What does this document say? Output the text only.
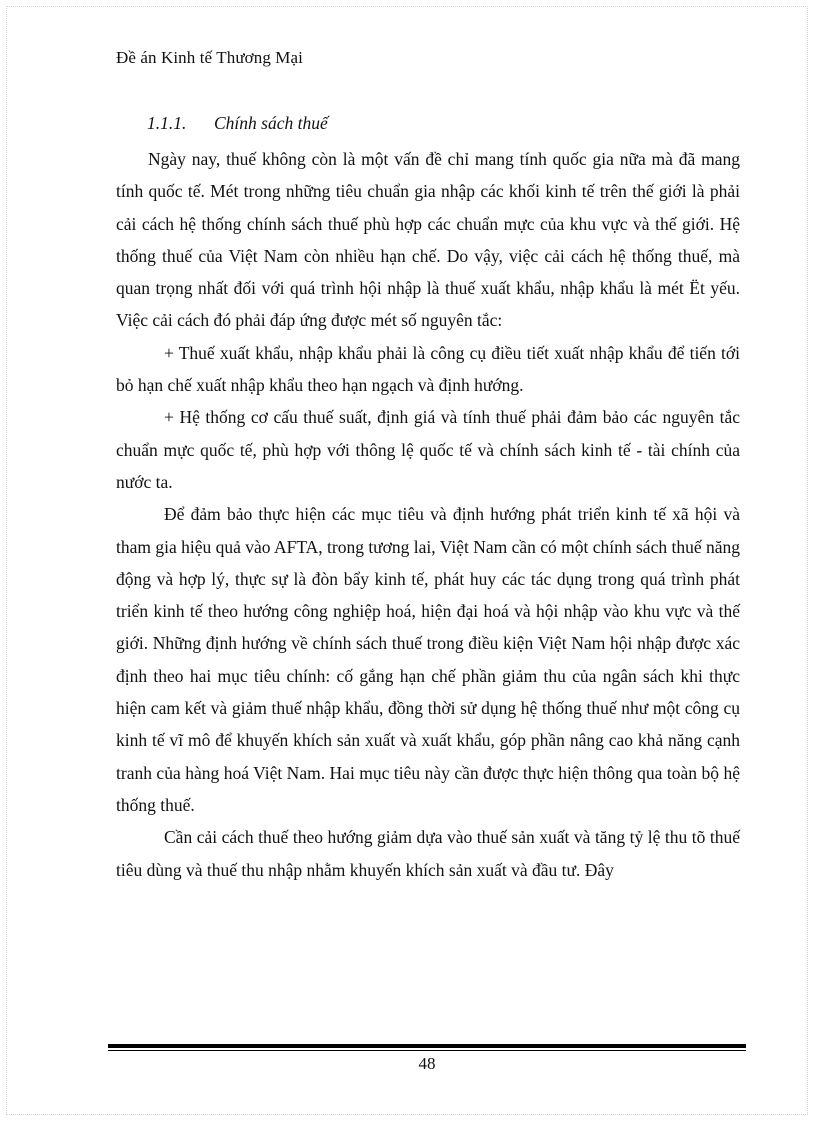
Đề án Kinh tế Thương Mại
1.1.1. Chính sách thuế

Ngày nay, thuế không còn là một vấn đề chỉ mang tính quốc gia nữa mà đã mang tính quốc tế. Mét trong những tiêu chuẩn gia nhập các khối kinh tế trên thế giới là phải cải cách hệ thống chính sách thuế phù hợp các chuẩn mực của khu vực và thế giới. Hệ thống thuế của Việt Nam còn nhiều hạn chế. Do vậy, việc cải cách hệ thống thuế, mà quan trọng nhất đối với quá trình hội nhập là thuế xuất khẩu, nhập khẩu là mét Ët yếu. Việc cải cách đó phải đáp ứng được mét số nguyên tắc:

+ Thuế xuất khẩu, nhập khẩu phải là công cụ điều tiết xuất nhập khẩu để tiến tới bỏ hạn chế xuất nhập khẩu theo hạn ngạch và định hướng.

+ Hệ thống cơ cấu thuế suất, định giá và tính thuế phải đảm bảo các nguyên tắc chuẩn mực quốc tế, phù hợp với thông lệ quốc tế và chính sách kinh tế - tài chính của nước ta.

Để đảm bảo thực hiện các mục tiêu và định hướng phát triển kinh tế xã hội và tham gia hiệu quả vào AFTA, trong tương lai, Việt Nam cần có một chính sách thuế năng động và hợp lý, thực sự là đòn bẩy kinh tế, phát huy các tác dụng trong quá trình phát triển kinh tế theo hướng công nghiệp hoá, hiện đại hoá và hội nhập vào khu vực và thế giới. Những định hướng về chính sách thuế trong điều kiện Việt Nam hội nhập được xác định theo hai mục tiêu chính: cố gắng hạn chế phần giảm thu của ngân sách khi thực hiện cam kết và giảm thuế nhập khẩu, đồng thời sử dụng hệ thống thuế như một công cụ kinh tế vĩ mô để khuyến khích sản xuất và xuất khẩu, góp phần nâng cao khả năng cạnh tranh của hàng hoá Việt Nam. Hai mục tiêu này cần được thực hiện thông qua toàn bộ hệ thống thuế.

Cần cải cách thuế theo hướng giảm dựa vào thuế sản xuất và tăng tỷ lệ thu tõ thuế tiêu dùng và thuế thu nhập nhằm khuyến khích sản xuất và đầu tư. Đây

48
